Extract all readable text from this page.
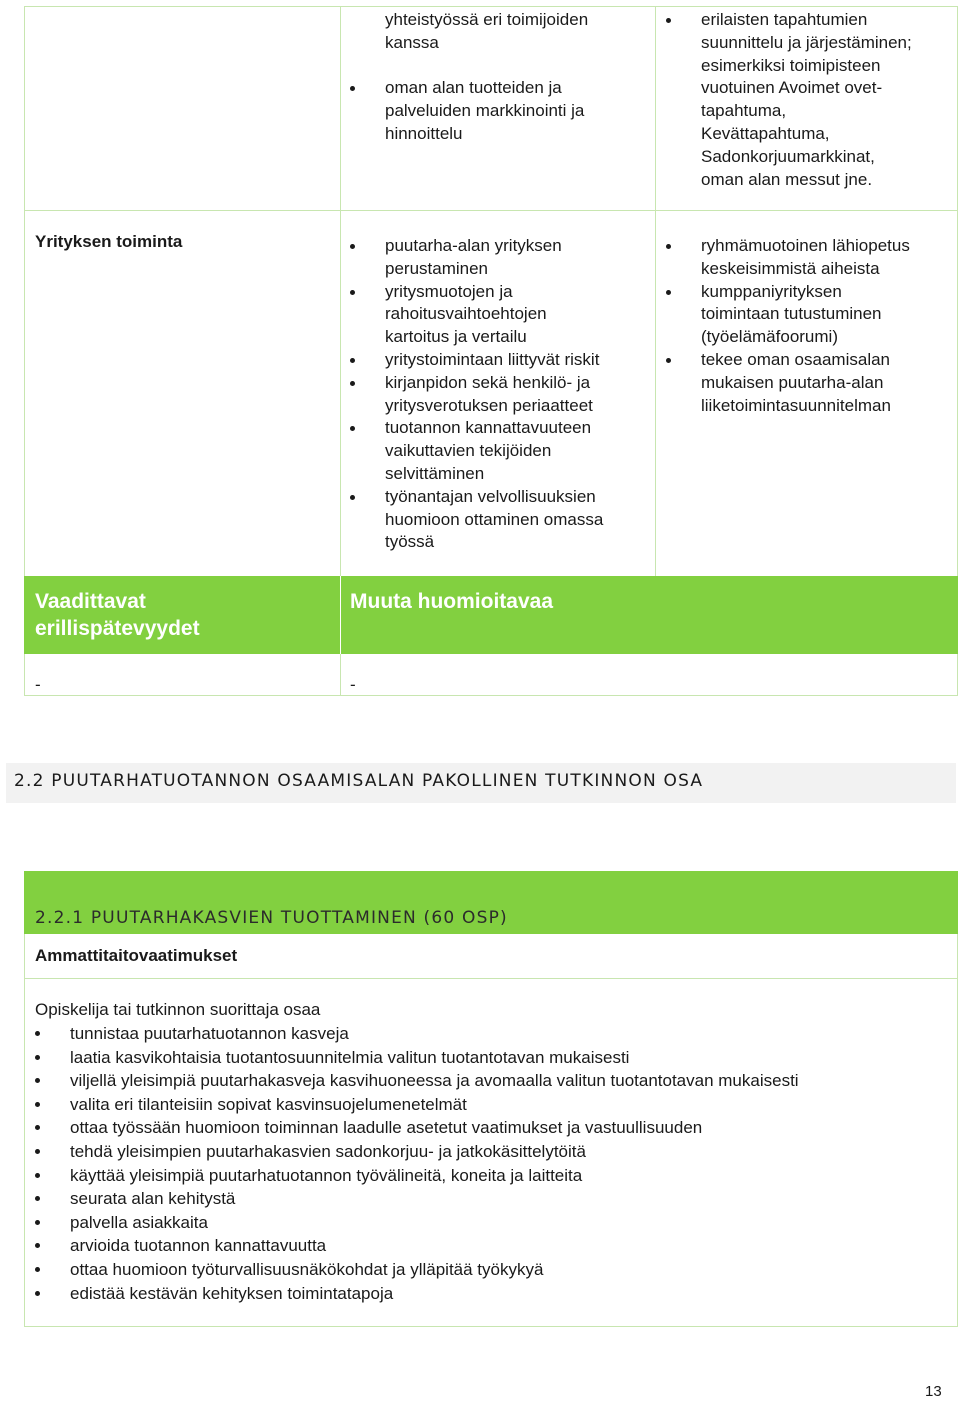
yhteistyössä eri toimijoiden
kanssa
oman alan tuotteiden ja
palveluiden markkinointi ja
hinnoittelu
erilaisten tapahtumien
suunnittelu ja järjestäminen;
esimerkiksi toimipisteen
vuotuinen Avoimet ovet-
tapahtuma,
Kevättapahtuma,
Sadonkorjuumarkkinat,
oman alan messut jne.
Yrityksen toiminta	puutarha-alan yrityksen
perustaminen
yritysmuotojen ja
rahoitusvaihtoehtojen
kartoitus ja vertailu
yritystoimintaan liittyvät riskit
kirjanpidon sekä henkilö- ja
yritysverotuksen periaatteet
tuotannon kannattavuuteen
vaikuttavien tekijöiden
selvittäminen
työnantajan velvollisuuksien
huomioon ottaminen omassa
työssä
ryhmämuotoinen lähiopetus
keskeisimmistä aiheista
kumppaniyrityksen
toimintaan tutustuminen
(työelämäfoorumi)
tekee oman osaamisalan
mukaisen puutarha-alan
liiketoimintasuunnitelman
Vaadittavat
erillispätevyydet
Muuta huomioitavaa
-	-
2.2 PUUTARHATUOTANNON OSAAMISALAN PAKOLLINEN TUTKINNON OSA
2.2.1 PUUTARHAKASVIEN TUOTTAMINEN (60 OSP)
Ammattitaitovaatimukset
Opiskelija tai tutkinnon suorittaja osaa
tunnistaa puutarhatuotannon kasveja
laatia kasvikohtaisia tuotantosuunnitelmia valitun tuotantotavan mukaisesti
viljellä yleisimpiä puutarhakasveja kasvihuoneessa ja avomaalla valitun tuotantotavan mukaisesti
valita eri tilanteisiin sopivat kasvinsuojelumenetelmät
ottaa työssään huomioon toiminnan laadulle asetetut vaatimukset ja vastuullisuuden
tehdä yleisimpien puutarhakasvien sadonkorjuu- ja jatkokäsittelytöitä
käyttää yleisimpiä puutarhatuotannon työvälineitä, koneita ja laitteita
seurata alan kehitystä
palvella asiakkaita
arvioida tuotannon kannattavuutta
ottaa huomioon työturvallisuusnäkökohdat ja ylläpitää työkykyä
edistää kestävän kehityksen toimintatapoja
13
